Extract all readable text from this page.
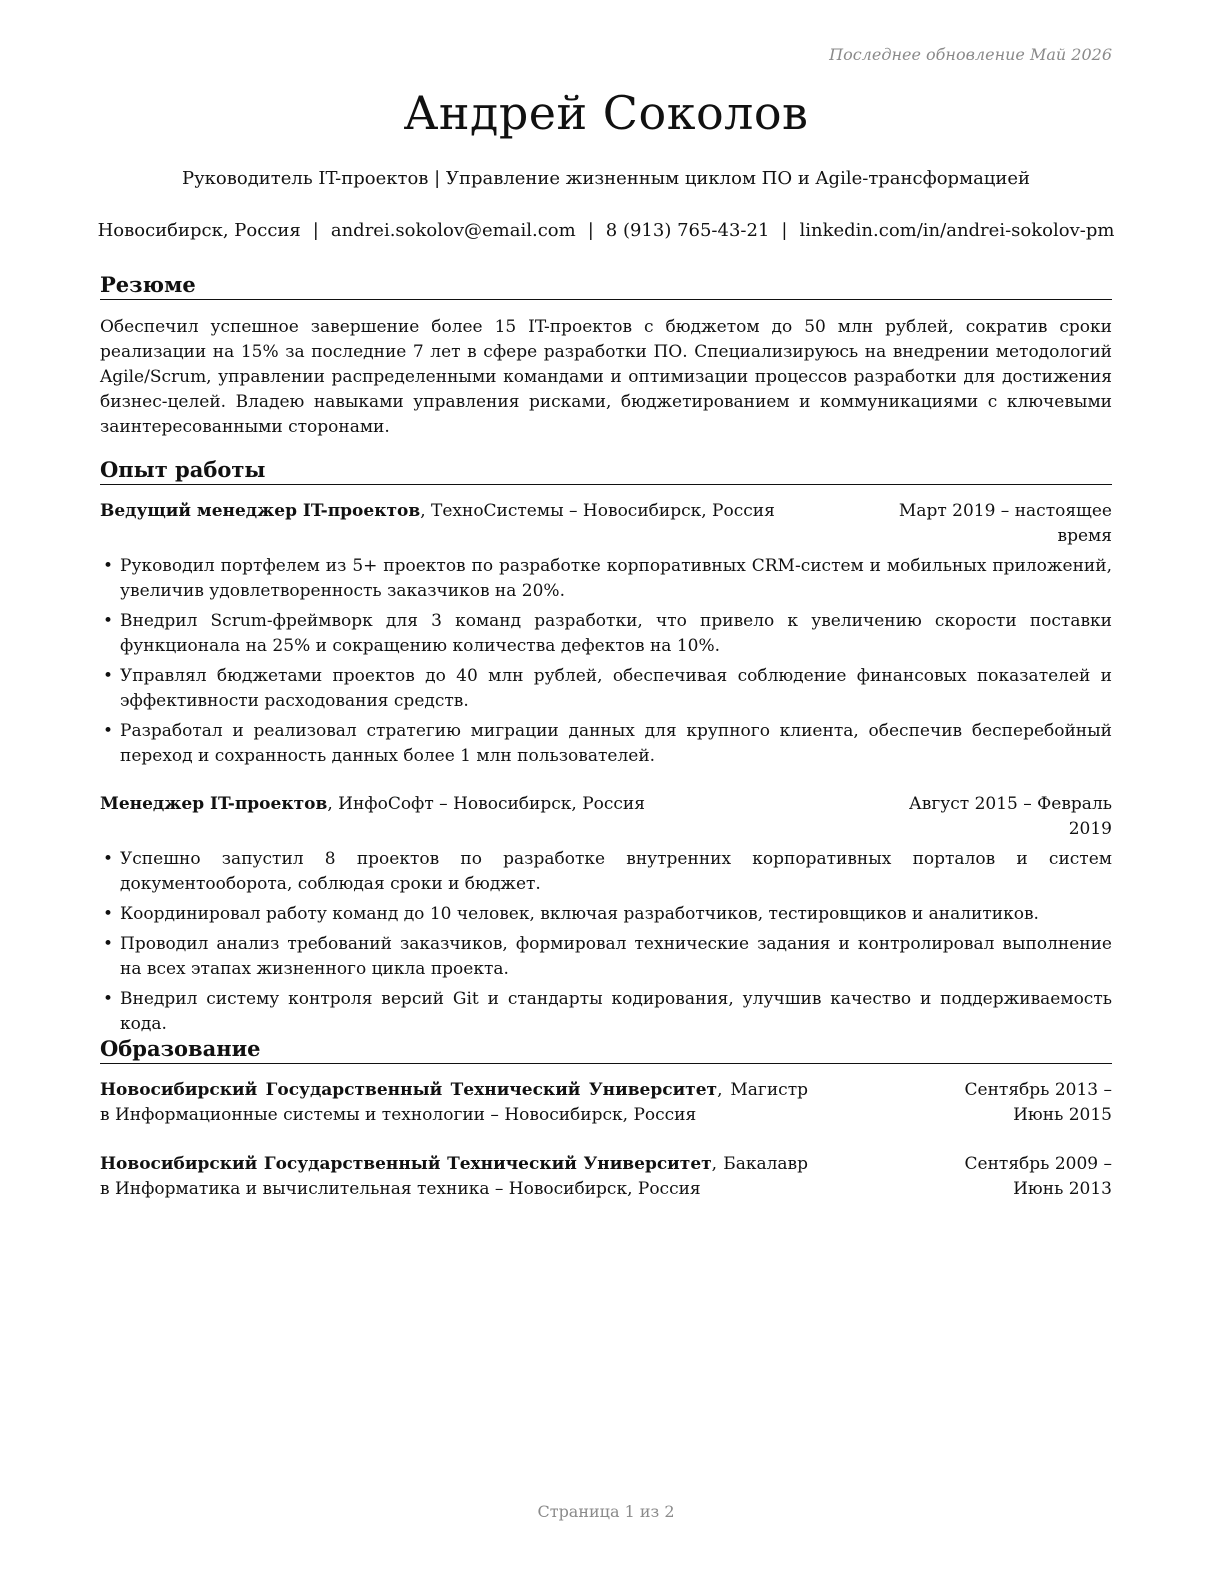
Последнее обновление Май 2026
Андрей Соколов
Руководитель IT-проектов | Управление жизненным циклом ПО и Agile-трансформацией
Новосибирск, Россия | andrei.sokolov@email.com | 8 (913) 765-43-21 | linkedin.com/in/andrei-sokolov-pm
Резюме
Обеспечил успешное завершение более 15 IT-проектов с бюджетом до 50 млн рублей, сократив сроки реализации на 15% за последние 7 лет в сфере разработки ПО. Специализируюсь на внедрении методологий Agile/Scrum, управлении распределенными командами и оптимизации процессов разработки для достижения бизнес-целей. Владею навыками управления рисками, бюджетированием и коммуникациями с ключевыми заинтересованными сторонами.
Опыт работы
Ведущий менеджер IT-проектов, ТехноСистемы – Новосибирск, Россия	Март 2019 – настоящее время
• Руководил портфелем из 5+ проектов по разработке корпоративных CRM-систем и мобильных приложений, увеличив удовлетворенность заказчиков на 20%.
• Внедрил Scrum-фреймворк для 3 команд разработки, что привело к увеличению скорости поставки функционала на 25% и сокращению количества дефектов на 10%.
• Управлял бюджетами проектов до 40 млн рублей, обеспечивая соблюдение финансовых показателей и эффективности расходования средств.
• Разработал и реализовал стратегию миграции данных для крупного клиента, обеспечив бесперебойный переход и сохранность данных более 1 млн пользователей.
Менеджер IT-проектов, ИнфоСофт – Новосибирск, Россия	Август 2015 – Февраль 2019
• Успешно запустил 8 проектов по разработке внутренних корпоративных порталов и систем документооборота, соблюдая сроки и бюджет.
• Координировал работу команд до 10 человек, включая разработчиков, тестировщиков и аналитиков.
• Проводил анализ требований заказчиков, формировал технические задания и контролировал выполнение на всех этапах жизненного цикла проекта.
• Внедрил систему контроля версий Git и стандарты кодирования, улучшив качество и поддерживаемость кода.
Образование
Новосибирский Государственный Технический Университет, Магистр в Информационные системы и технологии – Новосибирск, Россия
Сентябрь 2013 – Июнь 2015
Новосибирский Государственный Технический Университет, Бакалавр в Информатика и вычислительная техника – Новосибирск, Россия
Сентябрь 2009 – Июнь 2013
Страница 1 из 2
